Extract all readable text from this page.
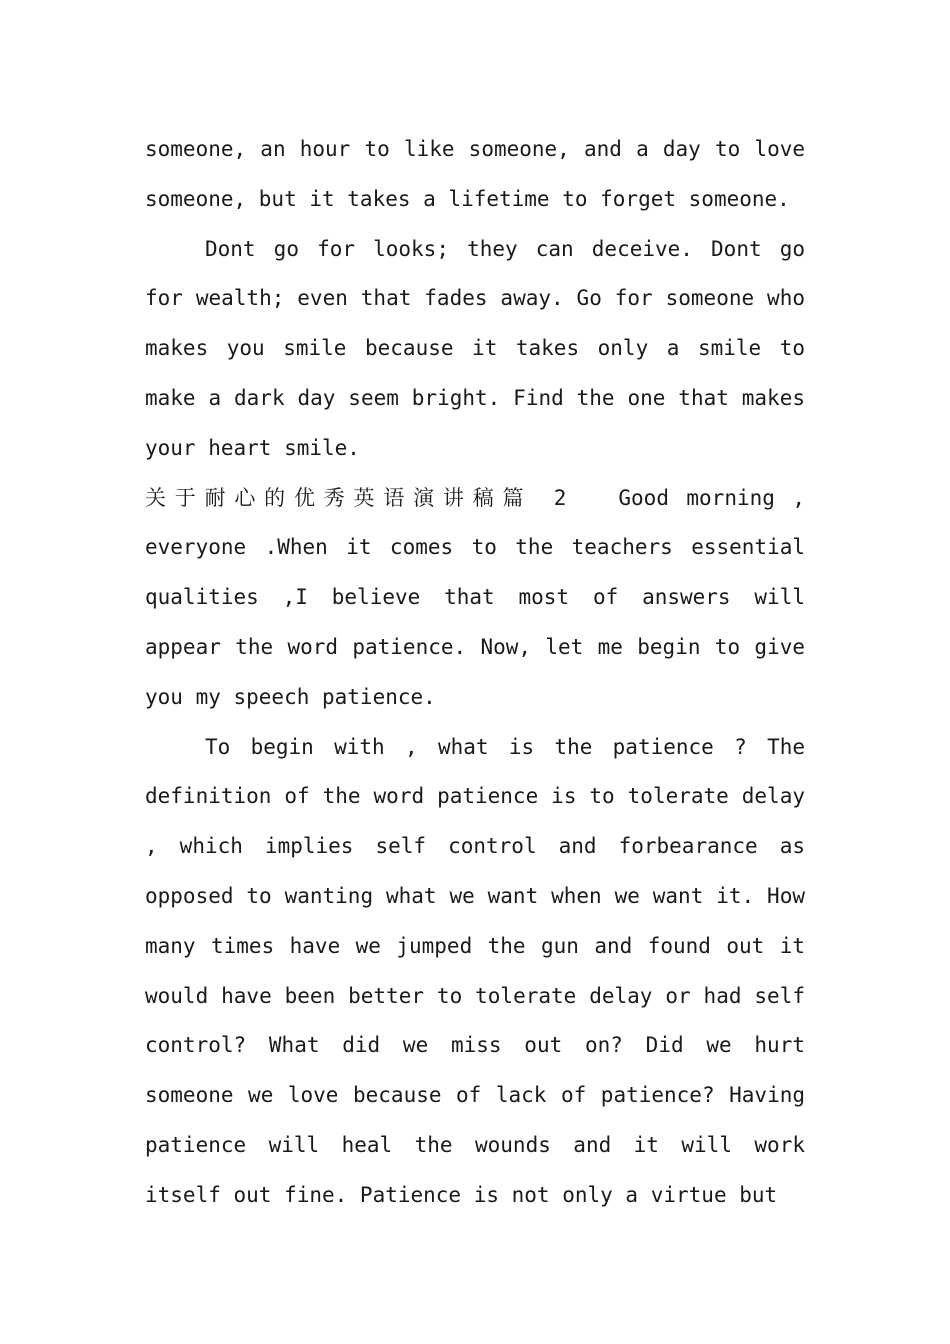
someone, an hour to like someone, and a day to love someone, but it takes a lifetime to forget someone.

Dont go for looks; they can deceive. Dont go for wealth; even that fades away. Go for someone who makes you smile because it takes only a smile to make a dark day seem bright. Find the one that makes your heart smile.

关于耐心的优秀英语演讲稿篇 2 Good morning , everyone .When it comes to the teachers essential qualities ,I believe that most of answers will appear the word patience. Now, let me begin to give you my speech patience.

To begin with , what is the patience ? The definition of the word patience is to tolerate delay , which implies self control and forbearance as opposed to wanting what we want when we want it. How many times have we jumped the gun and found out it would have been better to tolerate delay or had self control? What did we miss out on? Did we hurt someone we love because of lack of patience? Having patience will heal the wounds and it will work itself out fine. Patience is not only a virtue but
